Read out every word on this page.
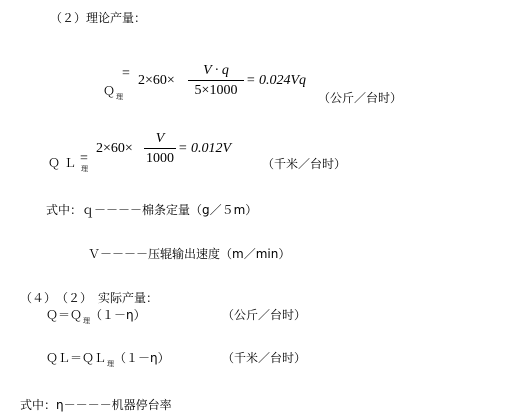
（２）理论产量：
Ｑ$_理$
= 2×60×
V · q
5×1000
= 0.024Vq
（公斤／台时）
ＱＬ$_理$
=
2×60×
V
1000
= 0.012V
（千米／台时）
式中：ｑ－－－－棉条定量（g／５m）
Ｖ－－－－压辊输出速度（m／min）
（４）　（２）　实际产量：
Ｑ＝Ｑ$_理$（１－η）	（公斤／台时）
ＱＬ＝ＱＬ$_理$（１－η）	（千米／台时）
式中：η－－－－机器停台率
